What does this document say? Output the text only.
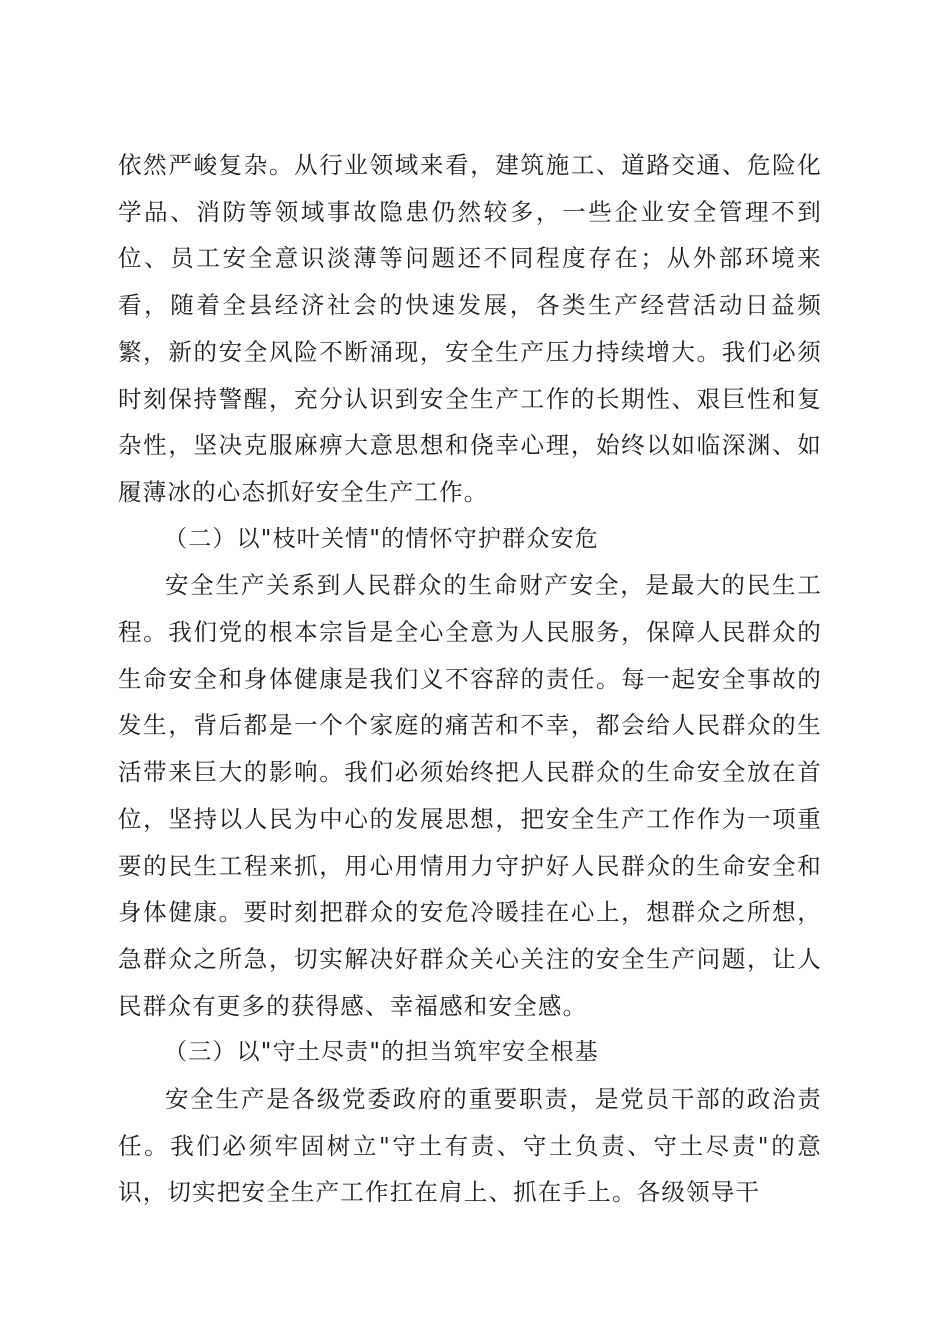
依然严峻复杂。从行业领域来看，建筑施工、道路交通、危险化学品、消防等领域事故隐患仍然较多，一些企业安全管理不到位、员工安全意识淡薄等问题还不同程度存在；从外部环境来看，随着全县经济社会的快速发展，各类生产经营活动日益频繁，新的安全风险不断涌现，安全生产压力持续增大。我们必须时刻保持警醒，充分认识到安全生产工作的长期性、艰巨性和复杂性，坚决克服麻痹大意思想和侥幸心理，始终以如临深渊、如履薄冰的心态抓好安全生产工作。

（二）以"枝叶关情"的情怀守护群众安危

安全生产关系到人民群众的生命财产安全，是最大的民生工程。我们党的根本宗旨是全心全意为人民服务，保障人民群众的生命安全和身体健康是我们义不容辞的责任。每一起安全事故的发生，背后都是一个个家庭的痛苦和不幸，都会给人民群众的生活带来巨大的影响。我们必须始终把人民群众的生命安全放在首位，坚持以人民为中心的发展思想，把安全生产工作作为一项重要的民生工程来抓，用心用情用力守护好人民群众的生命安全和身体健康。要时刻把群众的安危冷暖挂在心上，想群众之所想，急群众之所急，切实解决好群众关心关注的安全生产问题，让人民群众有更多的获得感、幸福感和安全感。

（三）以"守土尽责"的担当筑牢安全根基

安全生产是各级党委政府的重要职责，是党员干部的政治责任。我们必须牢固树立"守土有责、守土负责、守土尽责"的意识，切实把安全生产工作扛在肩上、抓在手上。各级领导干
